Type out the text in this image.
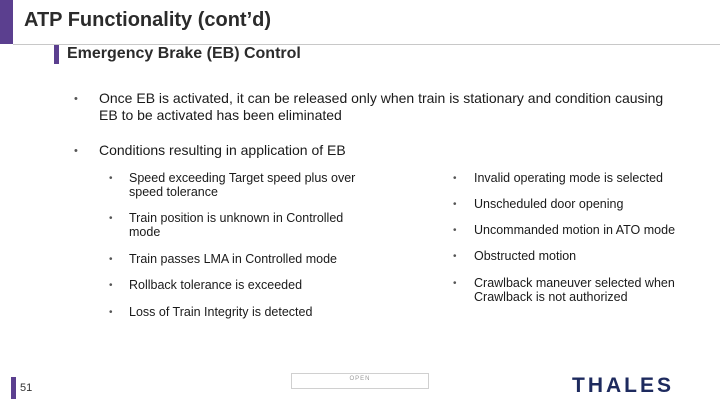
ATP Functionality (cont’d)
Emergency Brake (EB) Control
• Once EB is activated, it can be released only when train is stationary and condition causing EB to be activated has been eliminated
• Conditions resulting in application of EB
• Speed exceeding Target speed plus over speed tolerance
• Train position is unknown in Controlled mode
• Train passes LMA in Controlled mode
• Rollback tolerance is exceeded
• Loss of Train Integrity is detected
• Invalid operating mode is selected
• Unscheduled door opening
• Uncommanded motion in ATO mode
• Obstructed motion
• Crawlback maneuver selected when Crawlback is not authorized
51
OPEN	THALES
